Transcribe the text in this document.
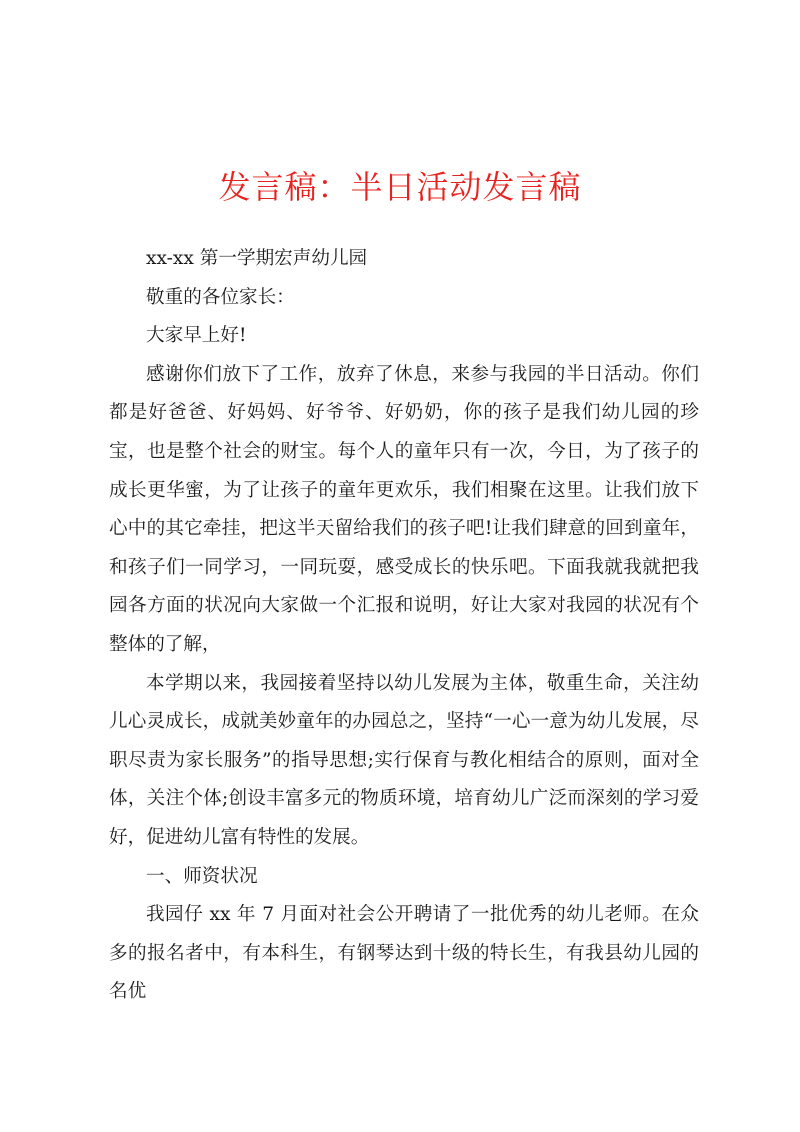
发言稿：半日活动发言稿

xx-xx 第一学期宏声幼儿园

敬重的各位家长：

大家早上好!

感谢你们放下了工作，放弃了休息，来参与我园的半日活动。你们都是好爸爸、好妈妈、好爷爷、好奶奶，你的孩子是我们幼儿园的珍宝，也是整个社会的财宝。每个人的童年只有一次，今日，为了孩子的成长更华蜜，为了让孩子的童年更欢乐，我们相聚在这里。让我们放下心中的其它牵挂，把这半天留给我们的孩子吧!让我们肆意的回到童年，和孩子们一同学习，一同玩耍，感受成长的快乐吧。下面我就我就把我园各方面的状况向大家做一个汇报和说明，好让大家对我园的状况有个整体的了解，

本学期以来，我园接着坚持以幼儿发展为主体，敬重生命，关注幼儿心灵成长，成就美妙童年的办园总之，坚持“一心一意为幼儿发展，尽职尽责为家长服务”的指导思想;实行保育与教化相结合的原则，面对全体，关注个体;创设丰富多元的物质环境，培育幼儿广泛而深刻的学习爱好，促进幼儿富有特性的发展。

一、师资状况

我园仔 xx 年 7 月面对社会公开聘请了一批优秀的幼儿老师。在众多的报名者中，有本科生，有钢琴达到十级的特长生，有我县幼儿园的名优
